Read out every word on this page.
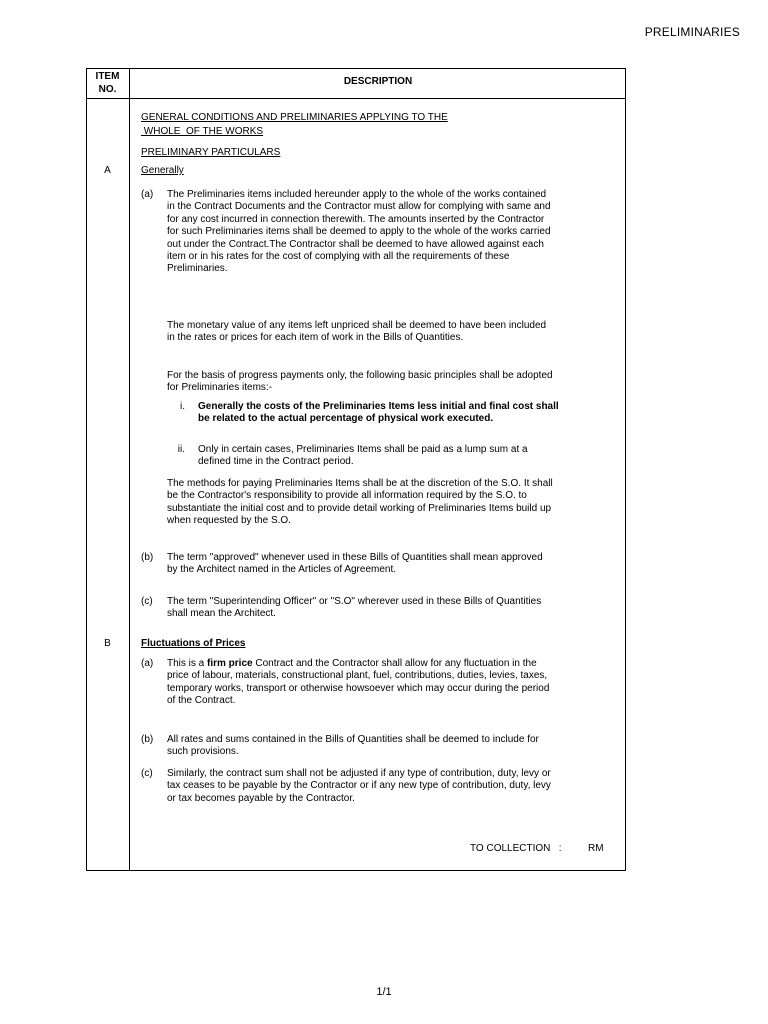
PRELIMINARIES
ITEM
NO.
DESCRIPTION
GENERAL CONDITIONS AND PRELIMINARIES APPLYING TO THE
WHOLE  OF THE WORKS
PRELIMINARY PARTICULARS
A	Generally
(a) The Preliminaries items included hereunder apply to the whole of the works contained
in the Contract Documents and the Contractor must allow for complying with same and
for any cost incurred in connection therewith. The amounts inserted by the Contractor
for such Preliminaries items shall be deemed to apply to the whole of the works carried
out under the Contract.The Contractor shall be deemed to have allowed against each
item or in his rates for the cost of complying with all the requirements of these
Preliminaries.
The monetary value of any items left unpriced shall be deemed to have been included
in the rates or prices for each item of work in the Bills of Quantities.
For the basis of progress payments only, the following basic principles shall be adopted
for Preliminaries items:-
i. Generally the costs of the Preliminaries Items less initial and final cost shall
be related to the actual percentage of physical work executed.
ii. Only in certain cases, Preliminaries Items shall be paid as a lump sum at a
defined time in the Contract period.
The methods for paying Preliminaries Items shall be at the discretion of the S.O. It shall
be the Contractor's responsibility to provide all information required by the S.O. to
substantiate the initial cost and to provide detail working of Preliminaries Items build up
when requested by the S.O.
(b) The term "approved" whenever used in these Bills of Quantities shall mean approved
by the Architect named in the Articles of Agreement.
(c) The term "Superintending Officer" or "S.O" wherever used in these Bills of Quantities
shall mean the Architect.
B	Fluctuations of Prices
(a) This is a firm price Contract and the Contractor shall allow for any fluctuation in the
price of labour, materials, constructional plant, fuel, contributions, duties, levies, taxes,
temporary works, transport or otherwise howsoever which may occur during the period
of the Contract.
(b) All rates and sums contained in the Bills of Quantities shall be deemed to include for
such provisions.
(c) Similarly, the contract sum shall not be adjusted if any type of contribution, duty, levy or
tax ceases to be payable by the Contractor or if any new type of contribution, duty, levy
or tax becomes payable by the Contractor.
TO COLLECTION   :	RM
1/1
